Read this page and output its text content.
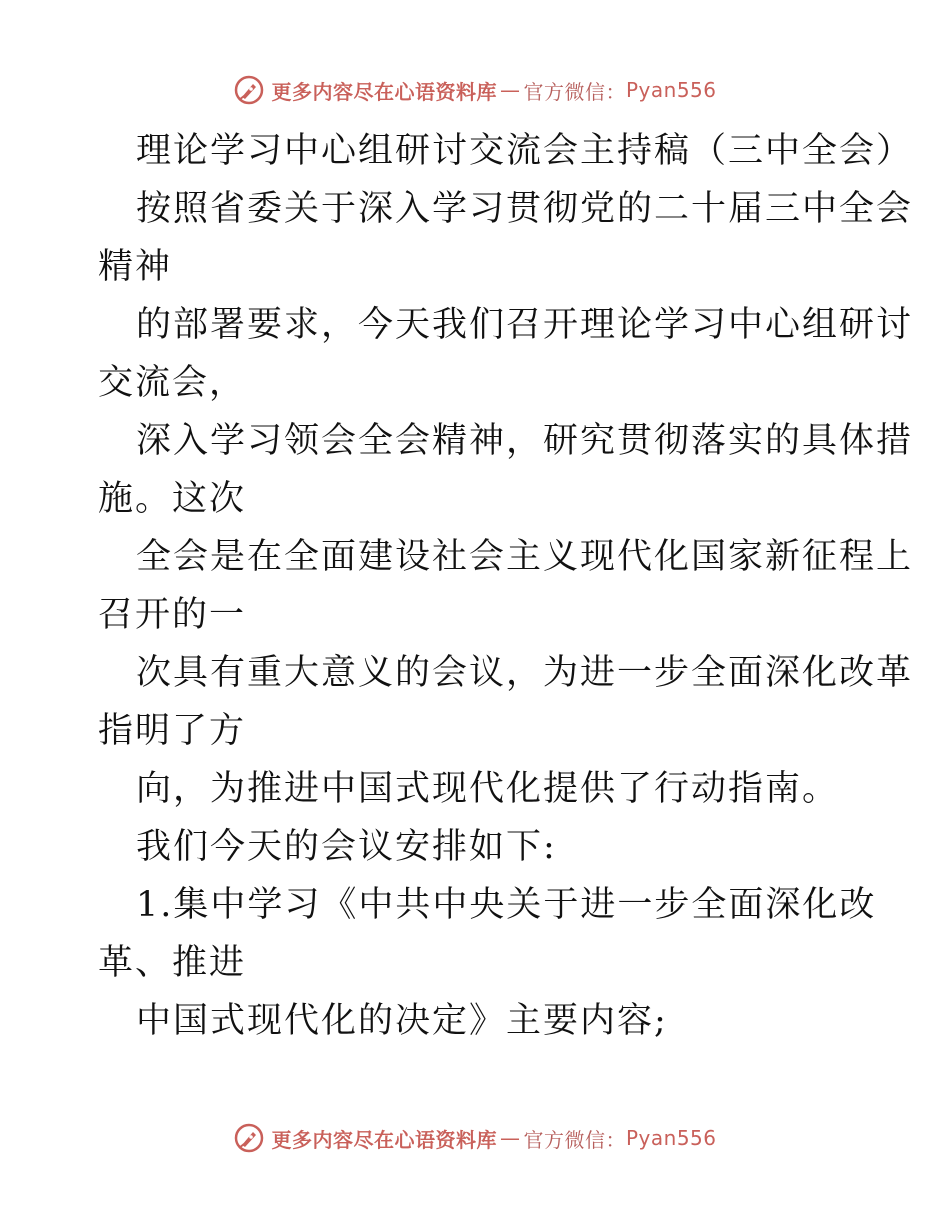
更多内容尽在心语资料库 — 官方微信： Pyan556
理论学习中心组研讨交流会主持稿（三中全会）
按照省委关于深入学习贯彻党的二十届三中全会
精神
的部署要求，今天我们召开理论学习中心组研讨
交流会，
深入学习领会全会精神，研究贯彻落实的具体措
施。这次
全会是在全面建设社会主义现代化国家新征程上
召开的一
次具有重大意义的会议，为进一步全面深化改革
指明了方
向，为推进中国式现代化提供了行动指南。
我们今天的会议安排如下:
1.集中学习《中共中央关于进一步全面深化改
革、推进
中国式现代化的决定》主要内容;
更多内容尽在心语资料库 — 官方微信： Pyan556
